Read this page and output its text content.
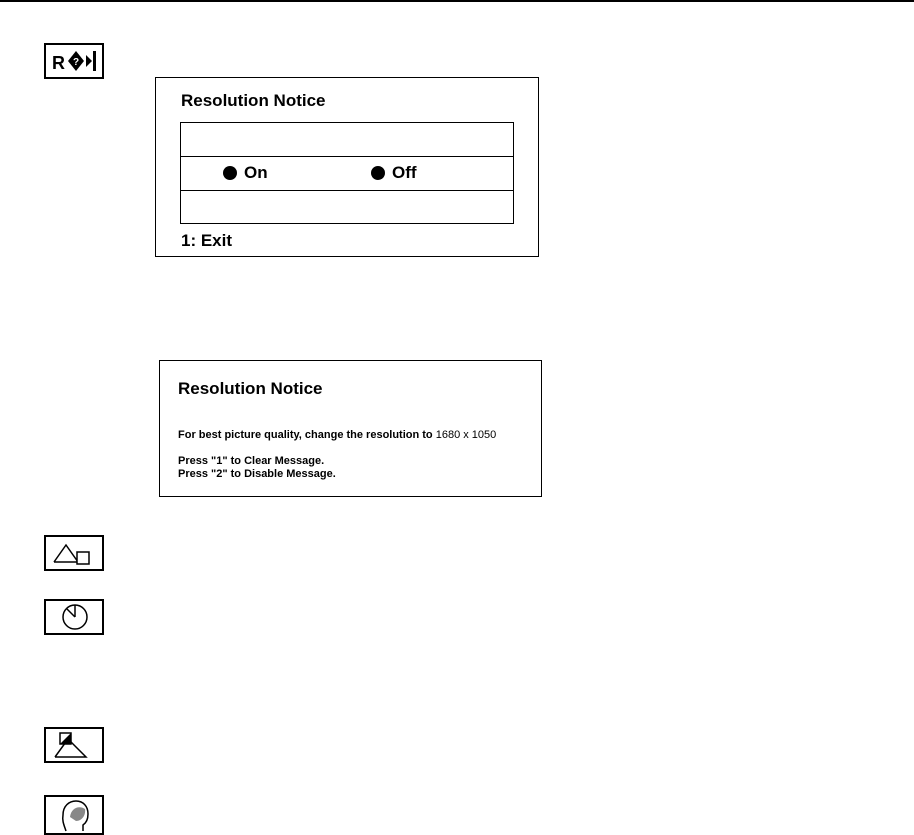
R ?
Resolution Notice
On	Off
1: Exit
Resolution Notice
For best picture quality, change the resolution to 1680 x 1050
Press "1" to Clear Message.
Press "2" to Disable Message.
